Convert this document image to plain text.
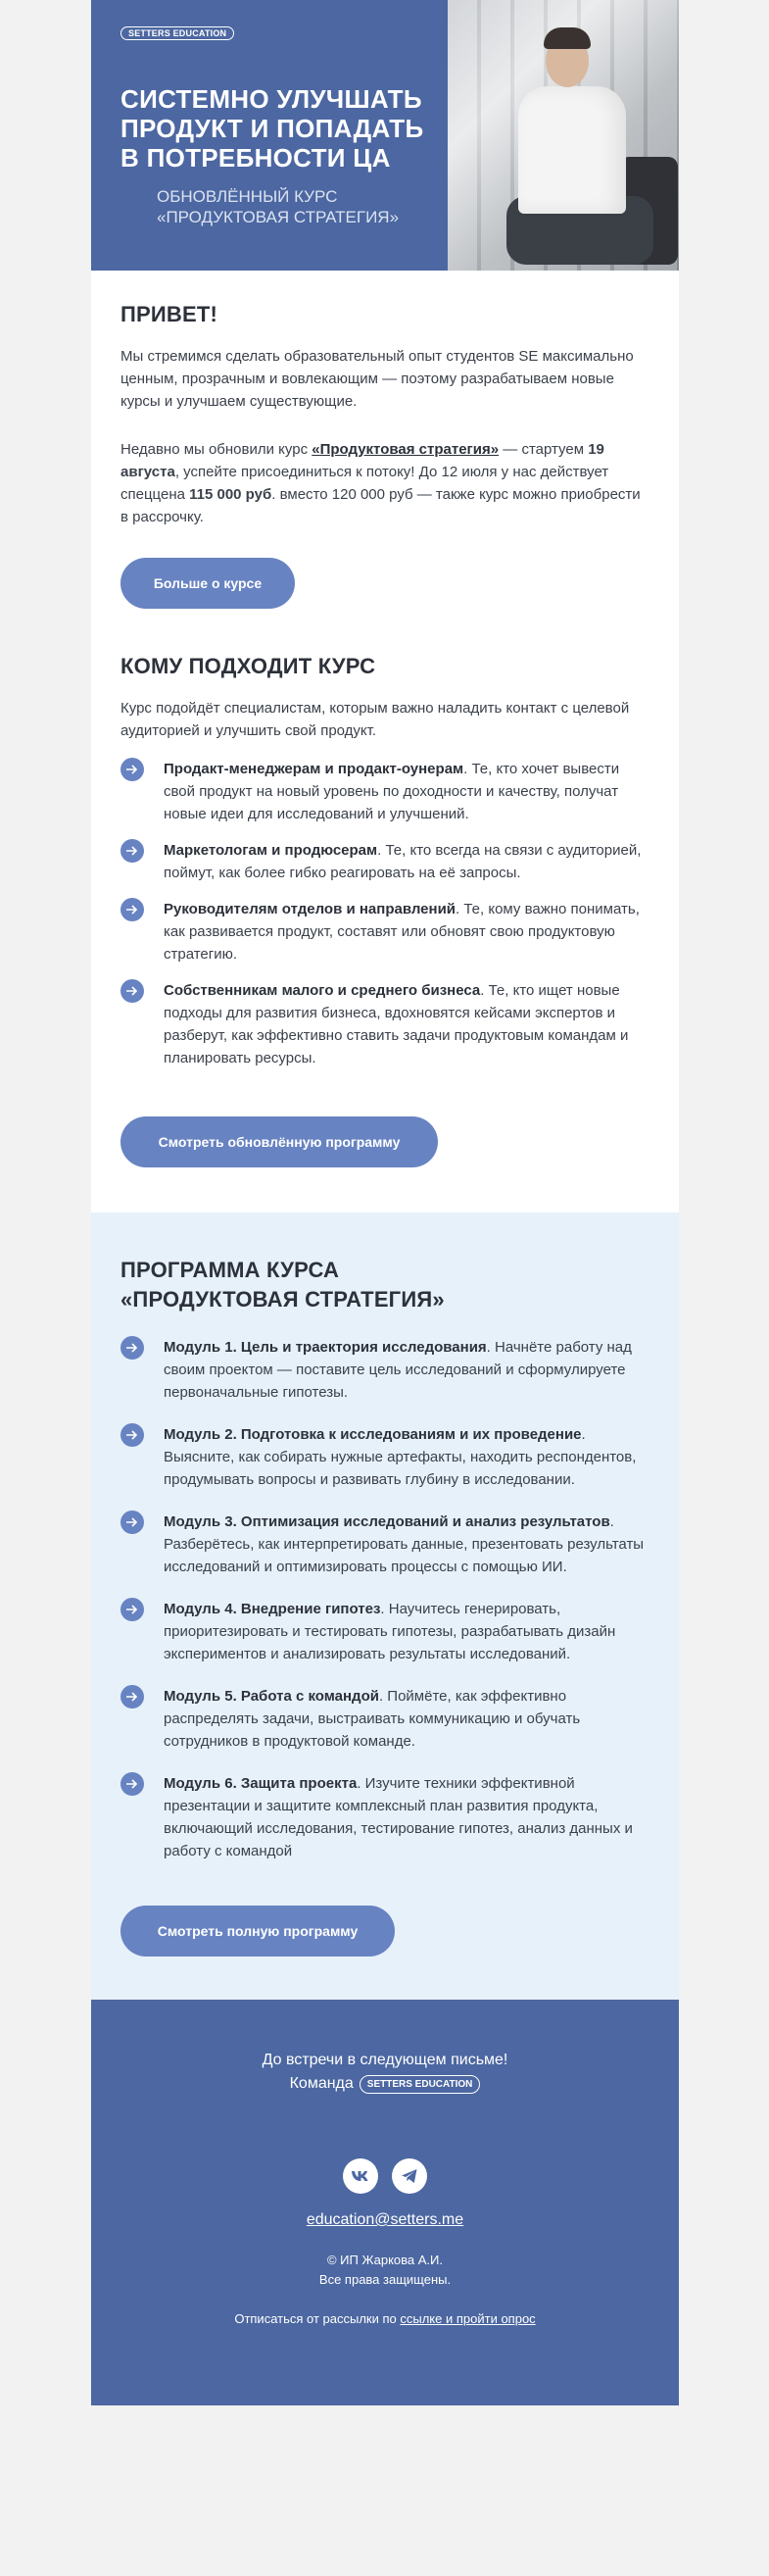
SETTERS EDUCATION
СИСТЕМНО УЛУЧШАТЬ
ПРОДУКТ И ПОПАДАТЬ
В ПОТРЕБНОСТИ ЦА
ОБНОВЛЁННЫЙ КУРС
«ПРОДУКТОВАЯ СТРАТЕГИЯ»
ПРИВЕТ!

Мы стремимся сделать образовательный опыт студентов SE максимально ценным, прозрачным и вовлекающим — поэтому разрабатываем новые курсы и улучшаем существующие.

Недавно мы обновили курс «Продуктовая стратегия» — стартуем 19 августа, успейте присоединиться к потоку! До 12 июля у нас действует спеццена 115 000 руб. вместо 120 000 руб — также курс можно приобрести в рассрочку.

Больше о курсе
КОМУ ПОДХОДИТ КУРС

Курс подойдёт специалистам, которым важно наладить контакт с целевой аудиторией и улучшить свой продукт.

Продакт-менеджерам и продакт-оунерам. Те, кто хочет вывести свой продукт на новый уровень по доходности и качеству, получат новые идеи для исследований и улучшений.
Маркетологам и продюсерам. Те, кто всегда на связи с аудиторией, поймут, как более гибко реагировать на её запросы.
Руководителям отделов и направлений. Те, кому важно понимать, как развивается продукт, составят или обновят свою продуктовую стратегию.
Собственникам малого и среднего бизнеса. Те, кто ищет новые подходы для развития бизнеса, вдохновятся кейсами экспертов и разберут, как эффективно ставить задачи продуктовым командам и планировать ресурсы.
Смотреть обновлённую программу
ПРОГРАММА КУРСА
«ПРОДУКТОВАЯ СТРАТЕГИЯ»
Модуль 1. Цель и траектория исследования. Начнёте работу над своим проектом — поставите цель исследований и сформулируете первоначальные гипотезы.
Модуль 2. Подготовка к исследованиям и их проведение. Выясните, как собирать нужные артефакты, находить респондентов, продумывать вопросы и развивать глубину в исследовании.
Модуль 3. Оптимизация исследований и анализ результатов. Разберётесь, как интерпретировать данные, презентовать результаты исследований и оптимизировать процессы с помощью ИИ.
Модуль 4. Внедрение гипотез. Научитесь генерировать, приоритезировать и тестировать гипотезы, разрабатывать дизайн экспериментов и анализировать результаты исследований.
Модуль 5. Работа с командой. Поймёте, как эффективно распределять задачи, выстраивать коммуникацию и обучать сотрудников в продуктовой команде.
Модуль 6. Защита проекта. Изучите техники эффективной презентации и защитите комплексный план развития продукта, включающий исследования, тестирование гипотез, анализ данных и работу с командой
Смотреть полную программу
До встречи в следующем письме!
Команда	SETTERS EDUCATION
education@setters.me
© ИП Жаркова А.И.
Все права защищены.
Отписаться от рассылки по ссылке и пройти опрос
